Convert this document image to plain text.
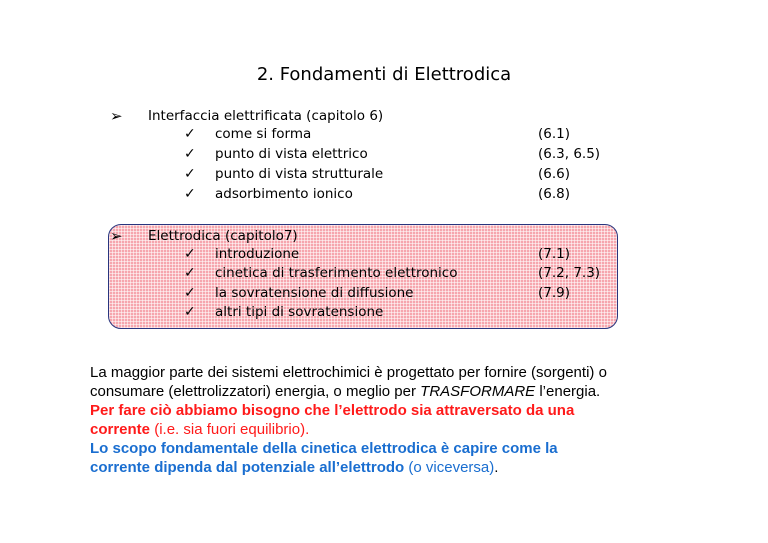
2. Fondamenti di Elettrodica
➢ Interfaccia elettrificata (capitolo 6)
✓ come si forma	(6.1)
✓ punto di vista elettrico	(6.3, 6.5)
✓ punto di vista strutturale	(6.6)
✓ adsorbimento ionico	(6.8)
➢ Elettrodica (capitolo7)
✓ introduzione	(7.1)
✓ cinetica di trasferimento elettronico	(7.2, 7.3)
✓ la sovratensione di diffusione	(7.9)
✓ altri tipi di sovratensione
La maggior parte dei sistemi elettrochimici è progettato per fornire (sorgenti) o
consumare (elettrolizzatori) energia, o meglio per TRASFORMARE l’energia.
Per fare ciò abbiamo bisogno che l’elettrodo sia attraversato da una
corrente (i.e. sia fuori equilibrio).
Lo scopo fondamentale della cinetica elettrodica è capire come la
corrente dipenda dal potenziale all’elettrodo (o viceversa).
